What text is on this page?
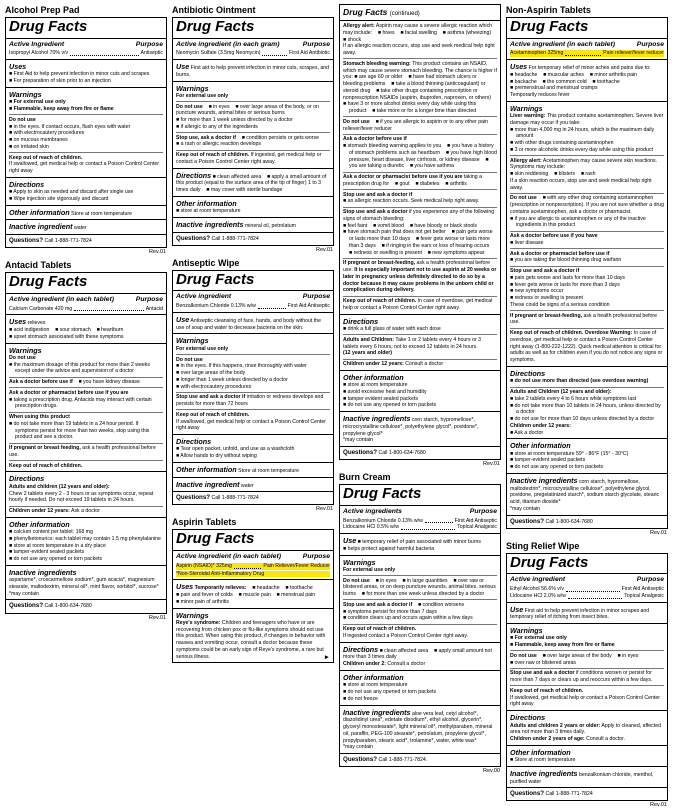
Alcohol Prep Pad
Drug Facts
Active Ingredient	Purpose
Isopropyl Alcohol 70% v/v	Antiseptic
Uses
■ First Aid to help prevent infection in minor cuts and scrapes
■ For preparation of skin prior to an injection
Warnings
■ For external use only
■ Flammable, keep away from fire or flame
Do not use
■ in the eyes. If contact occurs, flush eyes with water
■ with electrocautery procedures
■ on mucous membranes
■ on irritated skin
Keep out of reach of children.
If swallowed, get medical help or contact a Poison Control Center right away
Directions
■ Apply to skin as needed and discard after single use
■ Wipe injection site vigorously and discard
Other information Store at room temperature
Inactive ingredient water
Questions? Call 1-888-771-7824
Rev.01
Antacid Tablets
Drug Facts
Active ingredient (in each tablet)	Purpose
Calcium Carbonate 420 mg	Antacid
Uses relieves
■ acid indigestion    ■ sour stomach    ■ heartburn
■ upset stomach associated with these symptoms
Warnings
Do not use
■ the maximum dosage of this product for more than 2 weeks except under the advice and supervision of a doctor
Ask a doctor before use if    ■ you have kidney disease
Ask a doctor or pharmacist before use if you are
■ taking a prescription drug. Antacids may interact with certain prescription drugs.
When using this product
■ do not take more than 19 tablets in a 24 hour period. If symptoms persist for more than two weeks, stop using this product and see a doctor.
If pregnant or breast feeding, ask a health professional before use.
Keep out of reach of children.
Directions
Adults and children (12 years and older):
Chew 2 tablets every 2 - 3 hours or as symptoms occur, repeat hourly if needed. Do not exceed 19 tablets in 24 hours.
Children under 12 years: Ask a doctor
Other information
■ calcium content per tablet: 168 mg
■ phenylketonurics: each tablet may contain 1.5 mg phenylalanine
■ store at room temperature in a dry place
■ tamper-evident sealed packets
■ do not use any opened or torn packets
Inactive ingredients
aspartame*, croscarmellose sodium*, gum acacia*, magnesium stearate, maltodextrin, mineral oil*, mint flavor, sorbitol*, sucrose*
*may contain
Questions? Call 1-800-634-7680
Rev.01
Antibiotic Ointment
Drug Facts
Active ingredient (in each gram)	Purpose
Neomycin Sulfate (3.5mg Neomycin)	First Aid Antibiotic
Use First aid to help prevent infection in minor cuts, scrapes, and burns.
Warnings
For external use only
Do not use    ■ in eyes    ■ over large areas of the body, or on puncture wounds, animal bites or serious burns
■ for more than 1 week unless directed by a doctor
■ if allergic to any of the ingredients
Stop use, ask a doctor if    ■ condition persists or gets worse
■ a rash or allergic reaction develops
Keep out of reach of children. If ingested, get medical help or contact a Poison Control Center right away.
Directions ■ clean affected area    ■ apply a small amount of this product (equal to the surface area of the tip of finger) 1 to 3 times daily    ■ may cover with sterile bandage
Other information
■ store at room temperature
Inactive ingredients mineral oil, petrolatum
Questions? Call 1-888-771-7824
Rev.01
Antiseptic Wipe
Drug Facts
Active ingredient	Purpose
Benzalkonium Chloride 0.13% w/w	First Aid Antiseptic
Use Antiseptic cleansing of face, hands, and body without the use of soap and water to decrease bacteria on the skin.
Warnings
For external use only
Do not use
■ in the eyes. If this happens, rinse thoroughly with water
■ over large areas of the body
■ longer than 1 week unless directed by a doctor
■ with electrocautery procedures
Stop use and ask a doctor if irritation or redness develops and persists for more than 72 hours
Keep out of reach of children.
If swallowed, get medical help or contact a Poison Control Center right away
Directions
■ Tear open packet, unfold, and use as a washcloth
■ Allow hands to dry without wiping
Other information Store at room temperature
Inactive ingredient water
Questions? Call 1-888-771-7824
Rev.01
Aspirin Tablets
Drug Facts
Active ingredient (in each tablet)	Purpose
Aspirin (NSAID)* 325mg	Pain Reliever/Fever Reducer
*Non-Steroidal Anti-Inflammatory Drug
Uses Temporarily relieves:    ■ headache    ■ toothache
■ pain and fever of colds    ■ muscle pain    ■ menstrual pain
■ minor pain of arthritis
Warnings
Reye's syndrome: Children and teenagers who have or are recovering from chicken pox or flu-like symptoms should not use this product. When using this product, if changes in behavior with nausea and vomiting occur, consult a doctor because these symptoms could be an early sign of Reye's syndrome, a rare but serious illness.	►
Drug Facts (continued)
Allergy alert: Aspirin may cause a severe allergic reaction which may include:    ■ hives    ■ facial swelling    ■ asthma (wheezing)    ■ shock
If an allergic reaction occurs, stop use and seek medical help right away.
Stomach bleeding warning: This product contains an NSAID, which may cause severe stomach bleeding. The chance is higher if you: ■ are age 60 or older    ■ have had stomach ulcers or bleeding problems    ■ take a blood thinning (anticoagulant) or steroid drug    ■ take other drugs containing prescription or nonprescription NSAIDs (aspirin, ibuprofen, naproxen, or others)
■ have 3 or more alcohol drinks every day while using this product    ■ take more or for a longer time than directed
Do not use    ■ if you are allergic to aspirin or to any other pain reliever/fever reducer
Ask a doctor before use if
■ stomach bleeding warning applies to you    ■ you have a history of stomach problems such as heartburn    ■ you have high blood pressure, heart disease, liver cirrhosis, or kidney disease    ■ you are taking a diuretic    ■ you have asthma
Ask a doctor or pharmacist before use if you are taking a prescription drug for    ■ gout    ■ diabetes    ■ arthritis
Stop use and ask a doctor if
■ an allergic reaction occurs. Seek medical help right away.
Stop use and ask a doctor if you experience any of the following signs of stomach bleeding:
■ feel faint    ■ vomit blood    ■ have bloody or black stools
■ have stomach pain that does not get better    ■ pain gets worse or lasts more than 10 days    ■ fever gets worse or lasts more than 3 days    ■ if ringing in the ears or loss of hearing occurs    ■ redness or swelling is present    ■ new symptoms appear
If pregnant or breast-feeding, ask a health professional before use. It is especially important not to use aspirin at 20 weeks or later in pregnancy unless definitely directed to do so by a doctor because it may cause problems in the unborn child or complication during delivery.
Keep out of reach of children. In case of overdose, get medical help or contact a Poison Control Center right away.
Directions
■ drink a full glass of water with each dose
Adults and Children: Take 1 or 2 tablets every 4 hours or 3 tablets every 6 hours, not to exceed 12 tablets in 24 hours.
(12 years and older)
Children under 12 years: Consult a doctor
Other information
■ store at room temperature
■ avoid excessive heat and humidity
■ tamper evident sealed packets
■ do not use any opened or torn packets
Inactive ingredients corn starch, hypromellose*, microcrystalline cellulose*, polyethylene glycol*, povidone*, propylene glycol*
*may contain
Questions? Call 1-800-634-7680
Rev.01
Burn Cream
Drug Facts
Active ingredients	Purpose
Benzalkonium Chloride 0.13% w/w	First Aid Antiseptic
Lidocaine HCl 0.5% w/w	Topical Analgesic
Use ■ temporary relief of pain associated with minor burns
■ helps protect against harmful bacteria
Warnings
For external use only
Do not use    ■ in eyes    ■ in large quantities    ■ over raw or blistered areas, or on deep puncture wounds, animal bites, serious burns    ■ for more than one week unless directed by a doctor
Stop use and ask a doctor if    ■ condition worsens
■ symptoms persist for more than 7 days
■ condition clears up and occurs again within a few days
Keep out of reach of children.
If ingested contact a Poison Control Center right away.
Directions ■ clean affected area    ■ apply small amount not more than 3 times daily
Children under 2: Consult a doctor
Other information
■ store at room temperature
■ do not use any opened or torn packets
■ do not freeze
Inactive ingredients aloe vera leaf, cetyl alcohol*, diazolidinyl urea*, edetate disodium*, ethyl alcohol, glycerin*, glyceryl monostearate*, light mineral oil*, methylparaben, mineral oil, paraffin, PEG-100 stearate*, petrolatum, propylene glycol*, propylparaben, stearic acid*, trolamine*, water, white wax*
*may contain
Questions? Call 1-888-771-7824.
Rev.00
Non-Aspirin Tablets
Drug Facts
Active ingredient (in each tablet)	Purpose
Acetaminophen 325mg	Pain reliever/fever reducer
Uses For temporary relief of minor aches and pains due to:
■ headache    ■ muscular aches    ■ minor arthritis pain
■ backache    ■ the common cold    ■ toothache
■ premenstrual and menstrual cramps
Temporarily reduces fever
Warnings
Liver warning: This product contains acetaminophen. Severe liver damage may occur if you take:
■ more than 4,000 mg in 24 hours, which is the maximum daily amount
■ with other drugs containing acetaminophen
■ 3 or more alcoholic drinks every day while using this product
Allergy alert: Acetaminophen may cause severe skin reactions. Symptoms may include:
■ skin reddening    ■ blisters    ■ rash
If a skin reaction occurs, stop use and seek medical help right away.
Do not use    ■ with any other drug containing acetaminophen (prescription or nonprescription). If you are not sure whether a drug contains acetaminophen, ask a doctor or pharmacist.
■ if you are allergic to acetaminophen or any of the inactive ingredients in this product
Ask a doctor before use if you have
■ liver disease
Ask a doctor or pharmacist before use if
■ you are taking the blood thinning drug warfarin
Stop use and ask a doctor if
■ pain gets worse and lasts for more than 10 days
■ fever gets worse or lasts for more than 3 days
■ new symptoms occur
■ redness or swelling is present
These could be signs of a serious condition
If pregnant or breast-feeding, ask a health professional before use.
Keep out of reach of children. Overdose Warning: In case of overdose, get medical help or contact a Poison Control Center right away (1-800-222-1222). Quick medical attention is critical for adults as well as for children even if you do not notice any signs or symptoms.
Directions
■ do not use more than directed (see overdose warning)
Adults and Children (12 years and older):
■ take 2 tablets every 4 to 6 hours while symptoms last
■ do not take more than 10 tablets in 24 hours, unless directed by a doctor
■ do not use for more than 10 days unless directed by a doctor
Children under 12 years:
■ Ask a doctor
Other information
■ store at room temperature 59° - 86°F (15° - 30°C)
■ tamper-evident sealed packets
■ do not use any opened or torn packets
Inactive ingredients corn starch, hypromellose, maltodextrin*, microcrystalline cellulose*, polyethylene glycol, povidone, pregelatinized starch*, sodium starch glycolate, stearic acid, titanium dioxide*
*may contain
Questions? Call 1-800-634-7680
Rev.01
Sting Relief Wipe
Drug Facts
Active ingredient	Purpose
Ethyl Alcohol 56.6% v/v	First Aid Antiseptic
Lidocaine HCl 2.0% w/w	Topical Analgesic
Use First aid to help prevent infection in minor scrapes and temporary relief of itching from insect bites.
Warnings
■ For external use only
■ Flammable, keep away from fire or flame
Do not use    ■ over large areas of the body    ■ in eyes
■ over raw or blistered areas
Stop use and ask a doctor if conditions worsen or persist for more than 7 days or clears up and reoccurs within a few days.
Keep out of reach of children.
If swallowed, get medical help or contact a Poison Control Center right away
Directions
Adults and children 2 years or older: Apply to cleaned, affected area not more than 3 times daily.
Children under 2 years of age: Consult a doctor.
Other information
■ Store at room temperature
Inactive ingredients benzalkonium chloride, menthol, purified water
Questions? Call 1-888-771-7824
Rev.01
